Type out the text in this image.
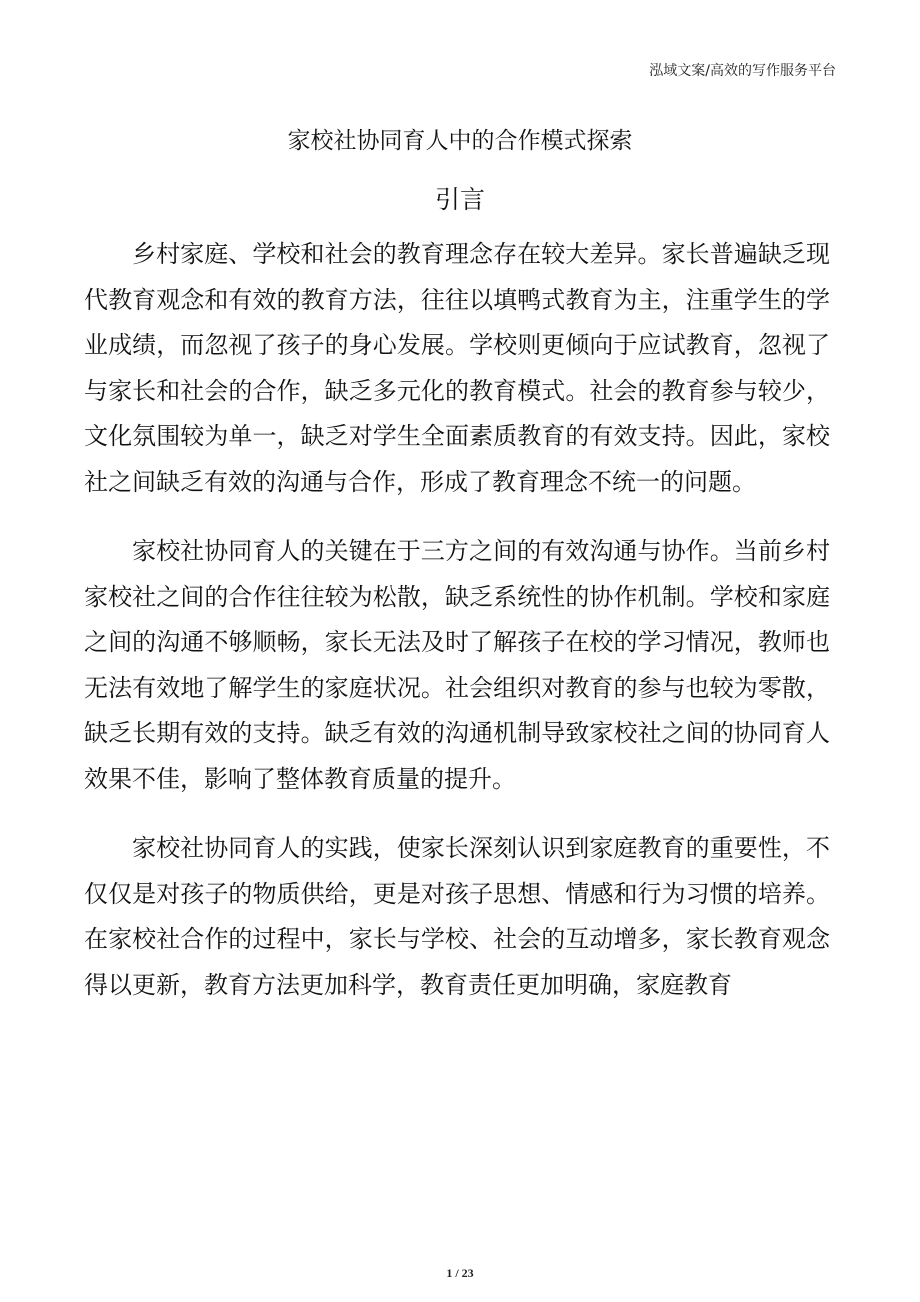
泓域文案/高效的写作服务平台
家校社协同育人中的合作模式探索
引言

乡村家庭、学校和社会的教育理念存在较大差异。家长普遍缺乏现代教育观念和有效的教育方法，往往以填鸭式教育为主，注重学生的学业成绩，而忽视了孩子的身心发展。学校则更倾向于应试教育，忽视了与家长和社会的合作，缺乏多元化的教育模式。社会的教育参与较少，文化氛围较为单一，缺乏对学生全面素质教育的有效支持。因此，家校社之间缺乏有效的沟通与合作，形成了教育理念不统一的问题。

家校社协同育人的关键在于三方之间的有效沟通与协作。当前乡村家校社之间的合作往往较为松散，缺乏系统性的协作机制。学校和家庭之间的沟通不够顺畅，家长无法及时了解孩子在校的学习情况，教师也无法有效地了解学生的家庭状况。社会组织对教育的参与也较为零散，缺乏长期有效的支持。缺乏有效的沟通机制导致家校社之间的协同育人效果不佳，影响了整体教育质量的提升。

家校社协同育人的实践，使家长深刻认识到家庭教育的重要性，不仅仅是对孩子的物质供给，更是对孩子思想、情感和行为习惯的培养。在家校社合作的过程中，家长与学校、社会的互动增多，家长教育观念得以更新，教育方法更加科学，教育责任更加明确，家庭教育

1 / 23
